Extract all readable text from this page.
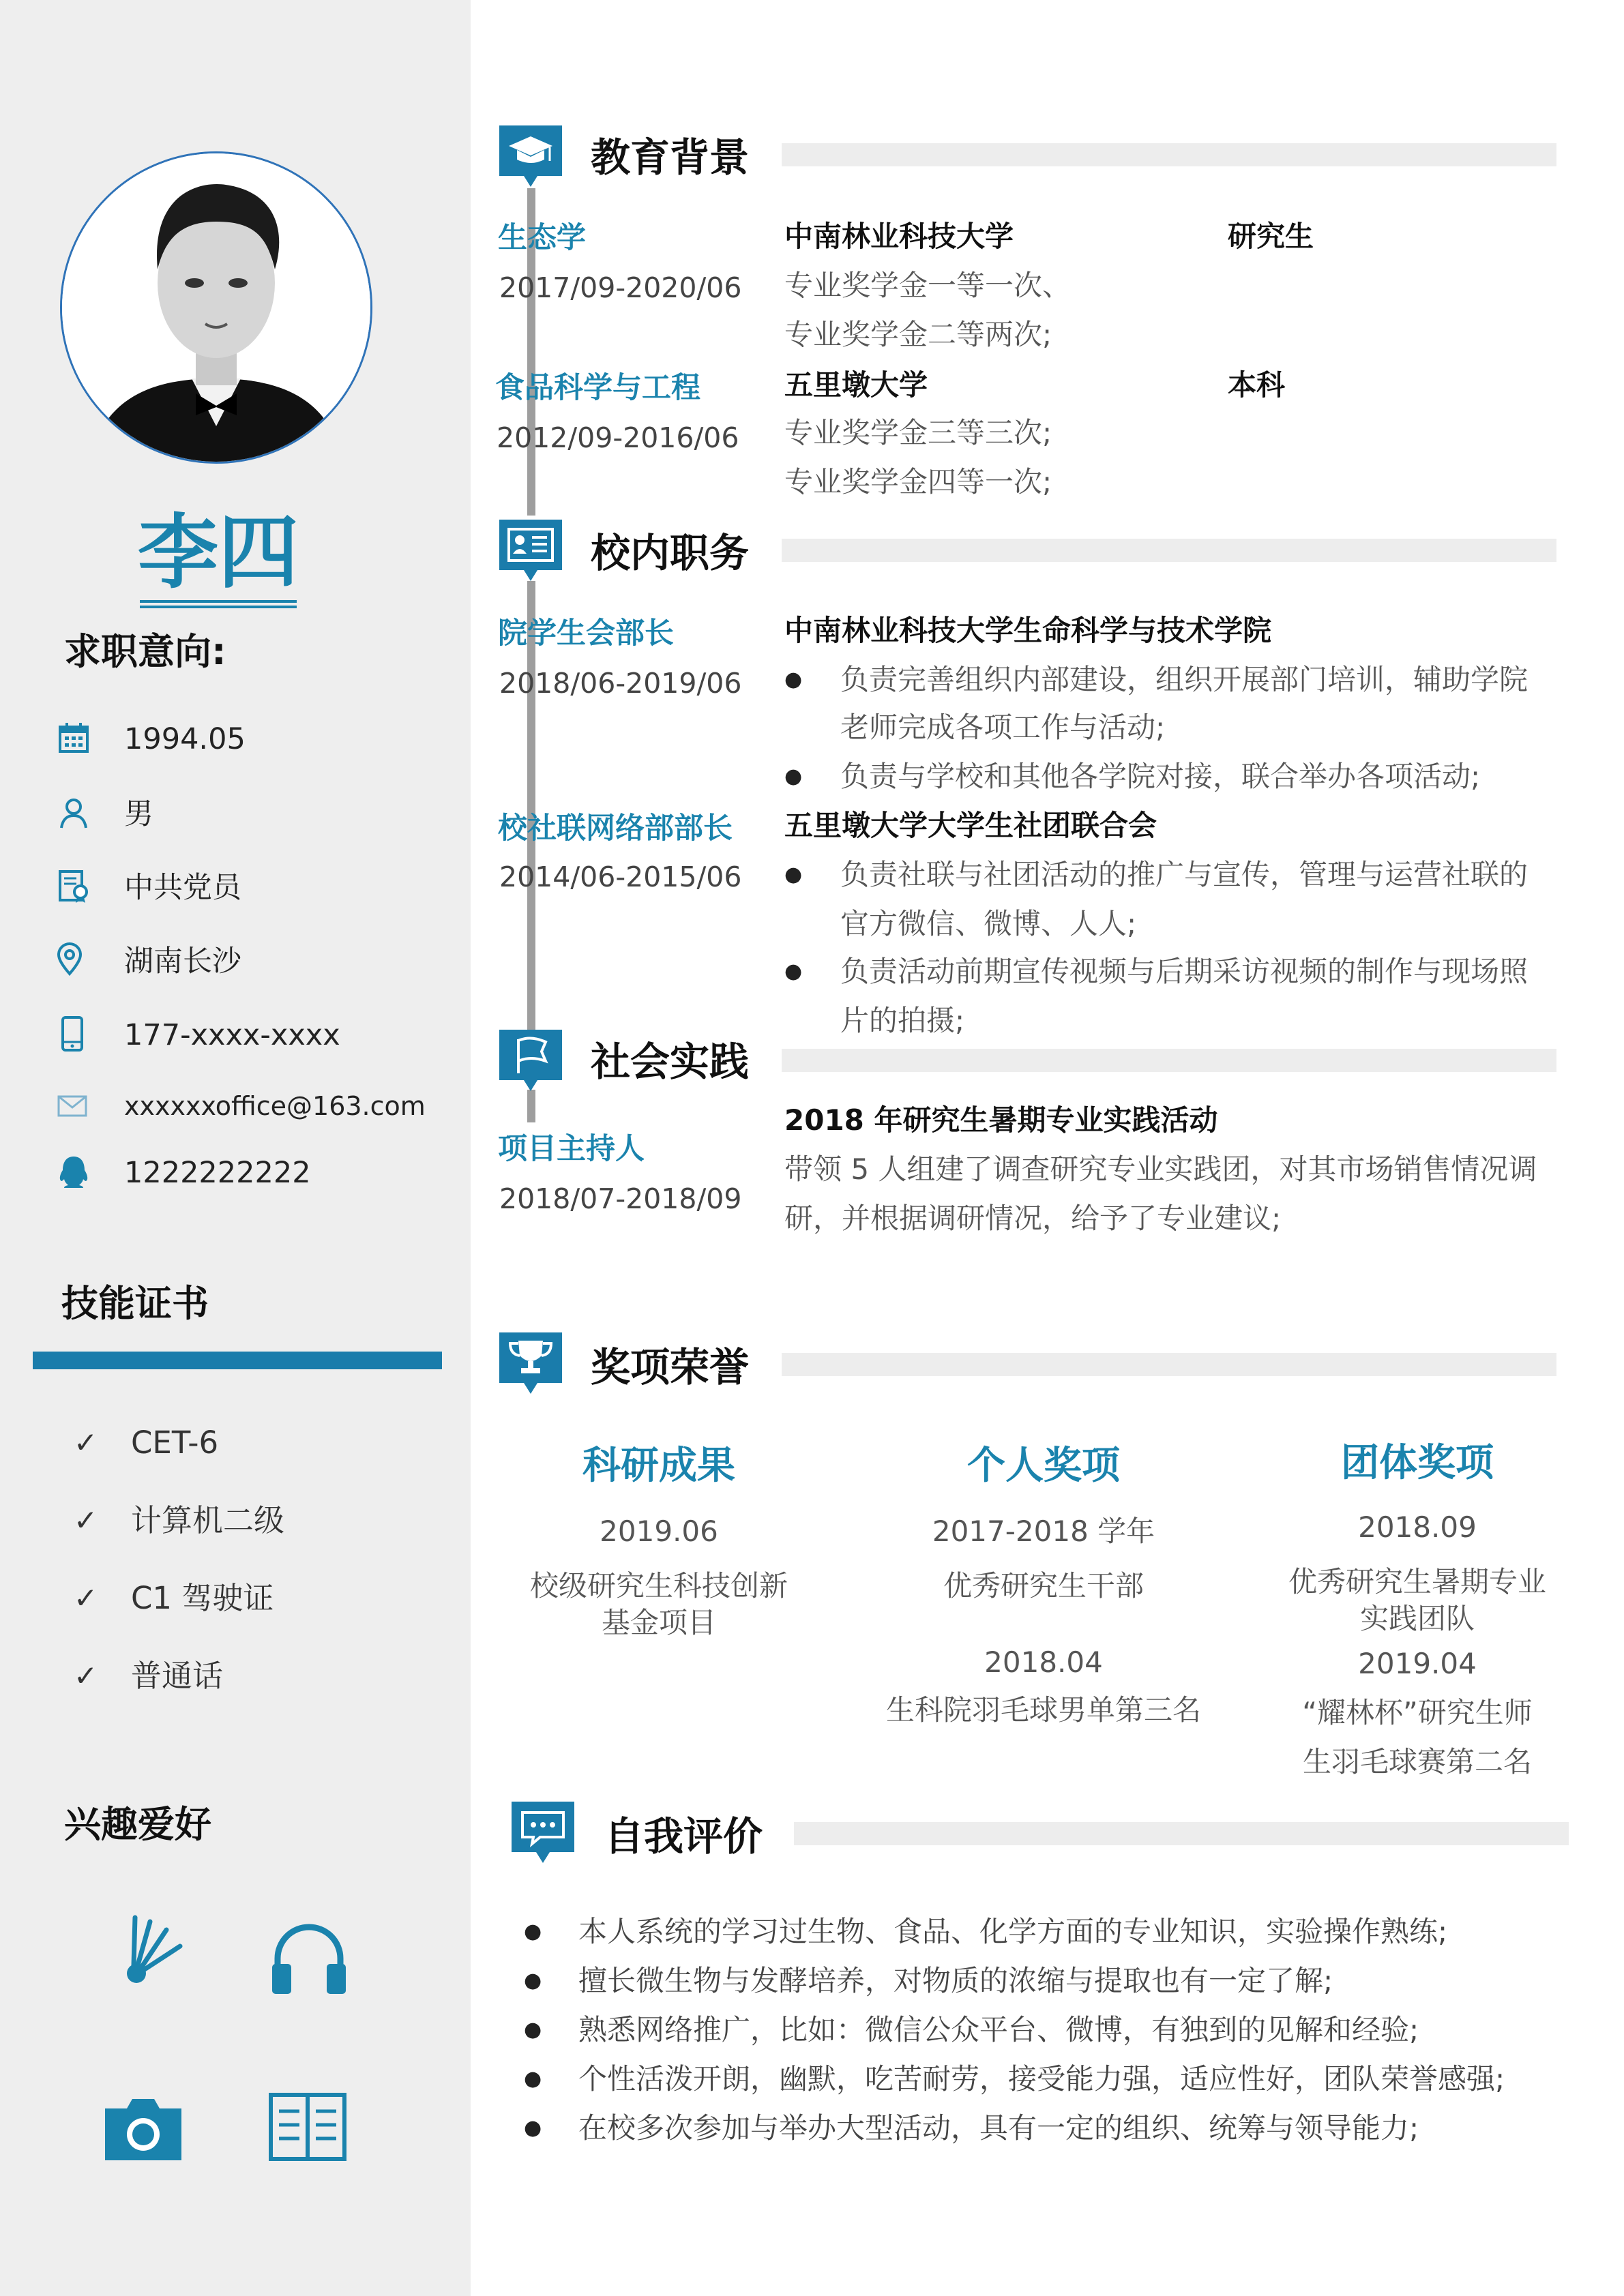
李四
求职意向:
1994.05
男
中共党员
湖南长沙
177-xxxx-xxxx
xxxxxxoffice@163.com
1222222222
技能证书
✓ CET-6
✓ 计算机二级
✓ C1 驾驶证
✓ 普通话
兴趣爱好
教育背景
生态学
2017/09-2020/06
中南林业科技大学	研究生
专业奖学金一等一次、
专业奖学金二等两次;
食品科学与工程
2012/09-2016/06
五里墩大学	本科
专业奖学金三等三次;
专业奖学金四等一次;
校内职务
院学生会部长
2018/06-2019/06
中南林业科技大学生命科学与技术学院
● 负责完善组织内部建设，组织开展部门培训，辅助学院
老师完成各项工作与活动;
● 负责与学校和其他各学院对接，联合举办各项活动;
校社联网络部部长
2014/06-2015/06
五里墩大学大学生社团联合会
● 负责社联与社团活动的推广与宣传，管理与运营社联的
官方微信、微博、人人;
● 负责活动前期宣传视频与后期采访视频的制作与现场照
片的拍摄;
社会实践
项目主持人
2018/07-2018/09
2018 年研究生暑期专业实践活动
带领 5 人组建了调查研究专业实践团，对其市场销售情况调
研，并根据调研情况，给予了专业建议;
奖项荣誉
科研成果
2019.06
校级研究生科技创新
基金项目
个人奖项
2017-2018 学年
优秀研究生干部
2018.04
生科院羽毛球男单第三名
团体奖项
2018.09
优秀研究生暑期专业
实践团队
2019.04
“耀林杯”研究生师
生羽毛球赛第二名
自我评价
● 本人系统的学习过生物、食品、化学方面的专业知识，实验操作熟练;
● 擅长微生物与发酵培养，对物质的浓缩与提取也有一定了解;
● 熟悉网络推广，比如：微信公众平台、微博，有独到的见解和经验;
● 个性活泼开朗，幽默，吃苦耐劳，接受能力强，适应性好，团队荣誉感强;
● 在校多次参加与举办大型活动，具有一定的组织、统筹与领导能力;
